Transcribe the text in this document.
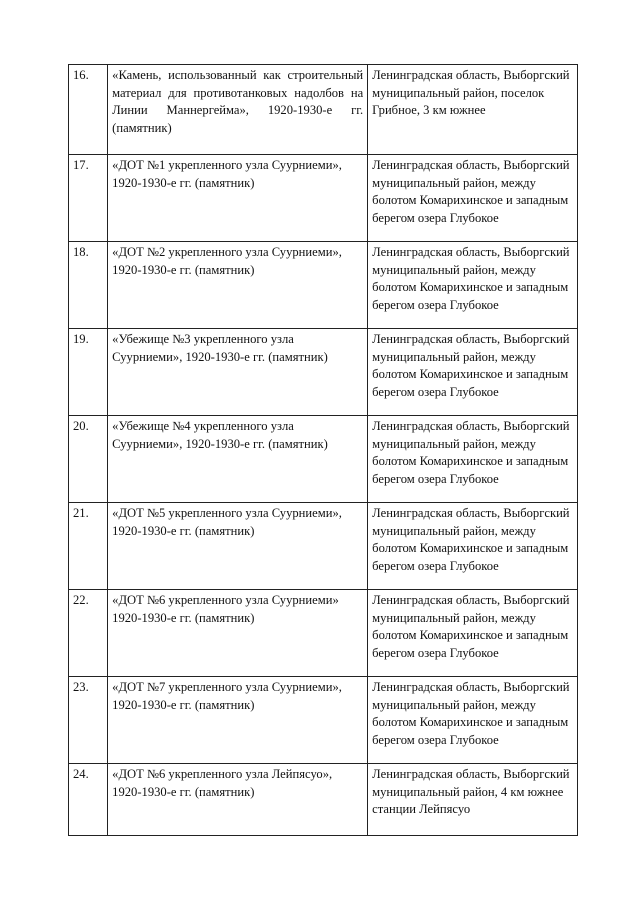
16.	«Камень, использованный как строительный материал для противотанковых надолбов на Линии Маннергейма», 1920-1930-е гг. (памятник)	Ленинградская область, Выборгский муниципальный район, поселок Грибное, 3 км южнее
17.	«ДОТ №1 укрепленного узла Суурниеми», 1920-1930-е гг. (памятник)	Ленинградская область, Выборгский муниципальный район, между болотом Комарихинское и западным берегом озера Глубокое
18.	«ДОТ №2 укрепленного узла Суурниеми», 1920-1930-е гг. (памятник)	Ленинградская область, Выборгский муниципальный район, между болотом Комарихинское и западным берегом озера Глубокое
19.	«Убежище №3 укрепленного узла Суурниеми», 1920-1930-е гг. (памятник)	Ленинградская область, Выборгский муниципальный район, между болотом Комарихинское и западным берегом озера Глубокое
20.	«Убежище №4 укрепленного узла Суурниеми», 1920-1930-е гг. (памятник)	Ленинградская область, Выборгский муниципальный район, между болотом Комарихинское и западным берегом озера Глубокое
21.	«ДОТ №5 укрепленного узла Суурниеми», 1920-1930-е гг. (памятник)	Ленинградская область, Выборгский муниципальный район, между болотом Комарихинское и западным берегом озера Глубокое
22.	«ДОТ №6 укрепленного узла Суурниеми» 1920-1930-е гг. (памятник)	Ленинградская область, Выборгский муниципальный район, между болотом Комарихинское и западным берегом озера Глубокое
23.	«ДОТ №7 укрепленного узла Суурниеми», 1920-1930-е гг. (памятник)	Ленинградская область, Выборгский муниципальный район, между болотом Комарихинское и западным берегом озера Глубокое
24.	«ДОТ №6 укрепленного узла Лейпясуо», 1920-1930-е гг. (памятник)	Ленинградская область, Выборгский муниципальный район, 4 км южнее станции Лейпясуо
